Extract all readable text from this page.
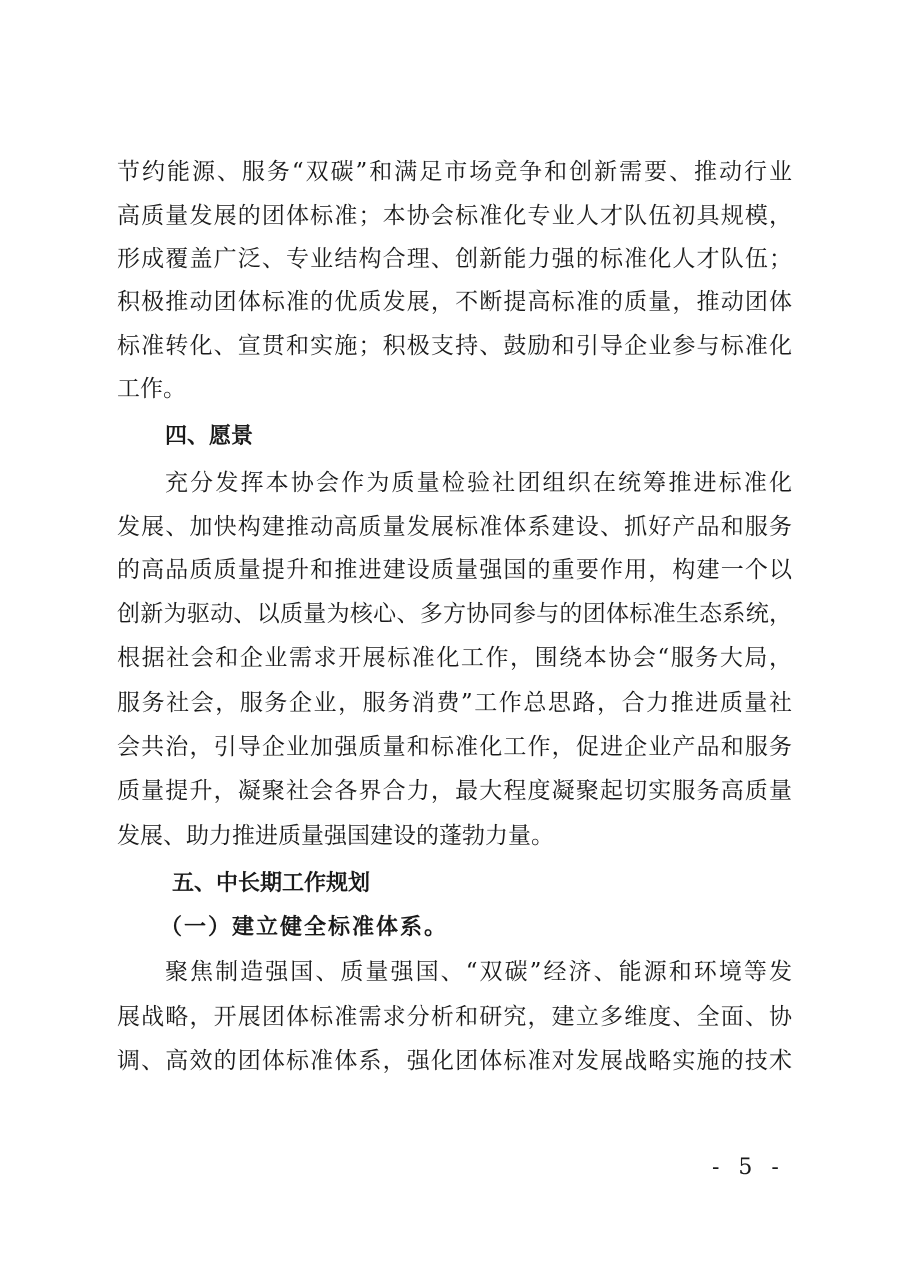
节约能源、服务“双碳”和满足市场竞争和创新需要、推动行业
高质量发展的团体标准；本协会标准化专业人才队伍初具规模，
形成覆盖广泛、专业结构合理、创新能力强的标准化人才队伍；
积极推动团体标准的优质发展，不断提高标准的质量，推动团体
标准转化、宣贯和实施；积极支持、鼓励和引导企业参与标准化
工作。
四、愿景
充分发挥本协会作为质量检验社团组织在统筹推进标准化
发展、加快构建推动高质量发展标准体系建设、抓好产品和服务
的高品质质量提升和推进建设质量强国的重要作用，构建一个以
创新为驱动、以质量为核心、多方协同参与的团体标准生态系统，
根据社会和企业需求开展标准化工作，围绕本协会“服务大局，
服务社会，服务企业，服务消费”工作总思路，合力推进质量社
会共治，引导企业加强质量和标准化工作，促进企业产品和服务
质量提升，凝聚社会各界合力，最大程度凝聚起切实服务高质量
发展、助力推进质量强国建设的蓬勃力量。
五、中长期工作规划
（一）建立健全标准体系。
聚焦制造强国、质量强国、“双碳”经济、能源和环境等发
展战略，开展团体标准需求分析和研究，建立多维度、全面、协
调、高效的团体标准体系，强化团体标准对发展战略实施的技术
- 5 -
